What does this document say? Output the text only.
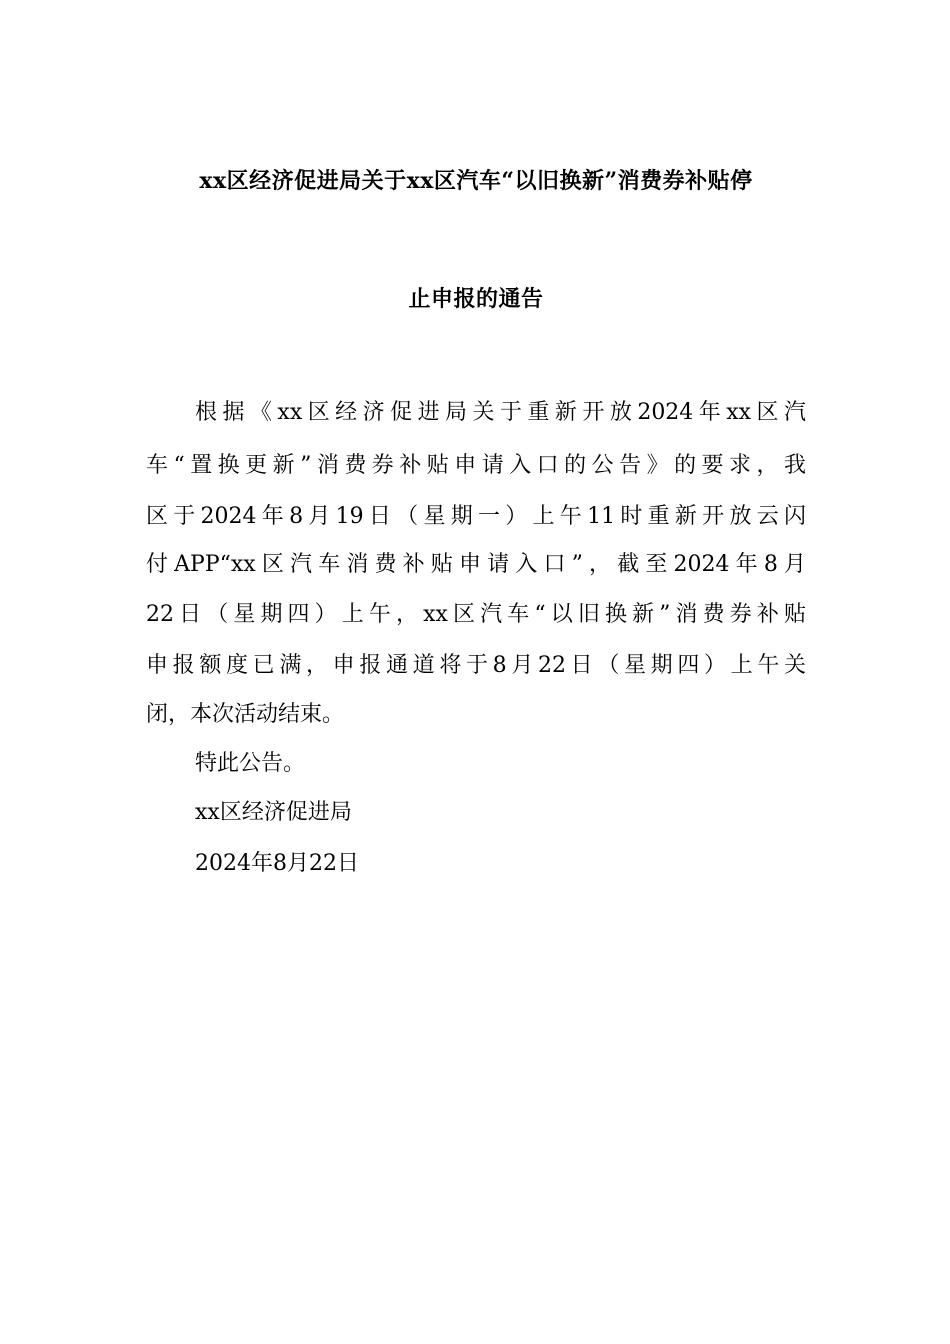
xx区经济促进局关于xx区汽车“以旧换新”消费券补贴停
止申报的通告
根据《xx区经济促进局关于重新开放2024年xx区汽
车“置换更新”消费券补贴申请入口的公告》的要求，我
区于2024年8月19日（星期一）上午11时重新开放云闪
付APP“xx区汽车消费补贴申请入口”，截至2024年8月
22日（星期四）上午，xx区汽车“以旧换新”消费券补贴
申报额度已满，申报通道将于8月22日（星期四）上午关
闭，本次活动结束。
特此公告。
xx区经济促进局
2024年8月22日
